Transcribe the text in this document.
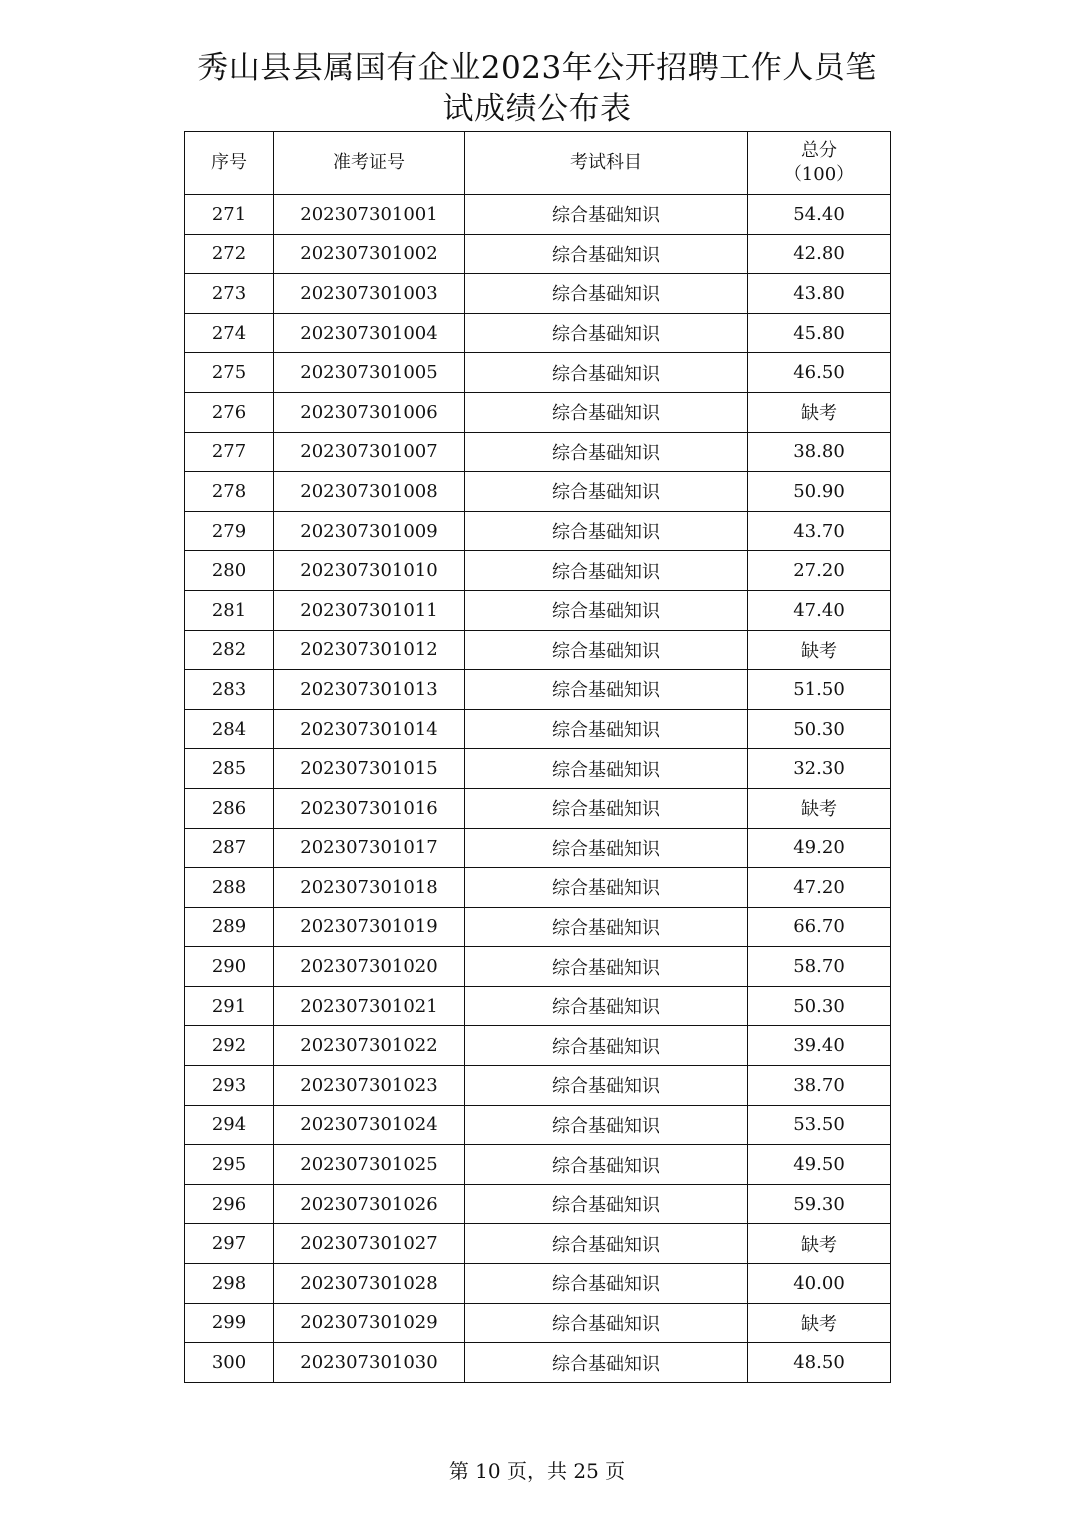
秀山县县属国有企业2023年公开招聘工作人员笔
试成绩公布表
序号	准考证号	考试科目	总分
（100）

271	202307301001	综合基础知识	54.40
272	202307301002	综合基础知识	42.80
273	202307301003	综合基础知识	43.80
274	202307301004	综合基础知识	45.80
275	202307301005	综合基础知识	46.50
276	202307301006	综合基础知识	缺考
277	202307301007	综合基础知识	38.80
278	202307301008	综合基础知识	50.90
279	202307301009	综合基础知识	43.70
280	202307301010	综合基础知识	27.20
281	202307301011	综合基础知识	47.40
282	202307301012	综合基础知识	缺考
283	202307301013	综合基础知识	51.50
284	202307301014	综合基础知识	50.30
285	202307301015	综合基础知识	32.30
286	202307301016	综合基础知识	缺考
287	202307301017	综合基础知识	49.20
288	202307301018	综合基础知识	47.20
289	202307301019	综合基础知识	66.70
290	202307301020	综合基础知识	58.70
291	202307301021	综合基础知识	50.30
292	202307301022	综合基础知识	39.40
293	202307301023	综合基础知识	38.70
294	202307301024	综合基础知识	53.50
295	202307301025	综合基础知识	49.50
296	202307301026	综合基础知识	59.30
297	202307301027	综合基础知识	缺考
298	202307301028	综合基础知识	40.00
299	202307301029	综合基础知识	缺考
300	202307301030	综合基础知识	48.50
第 10 页，共 25 页
